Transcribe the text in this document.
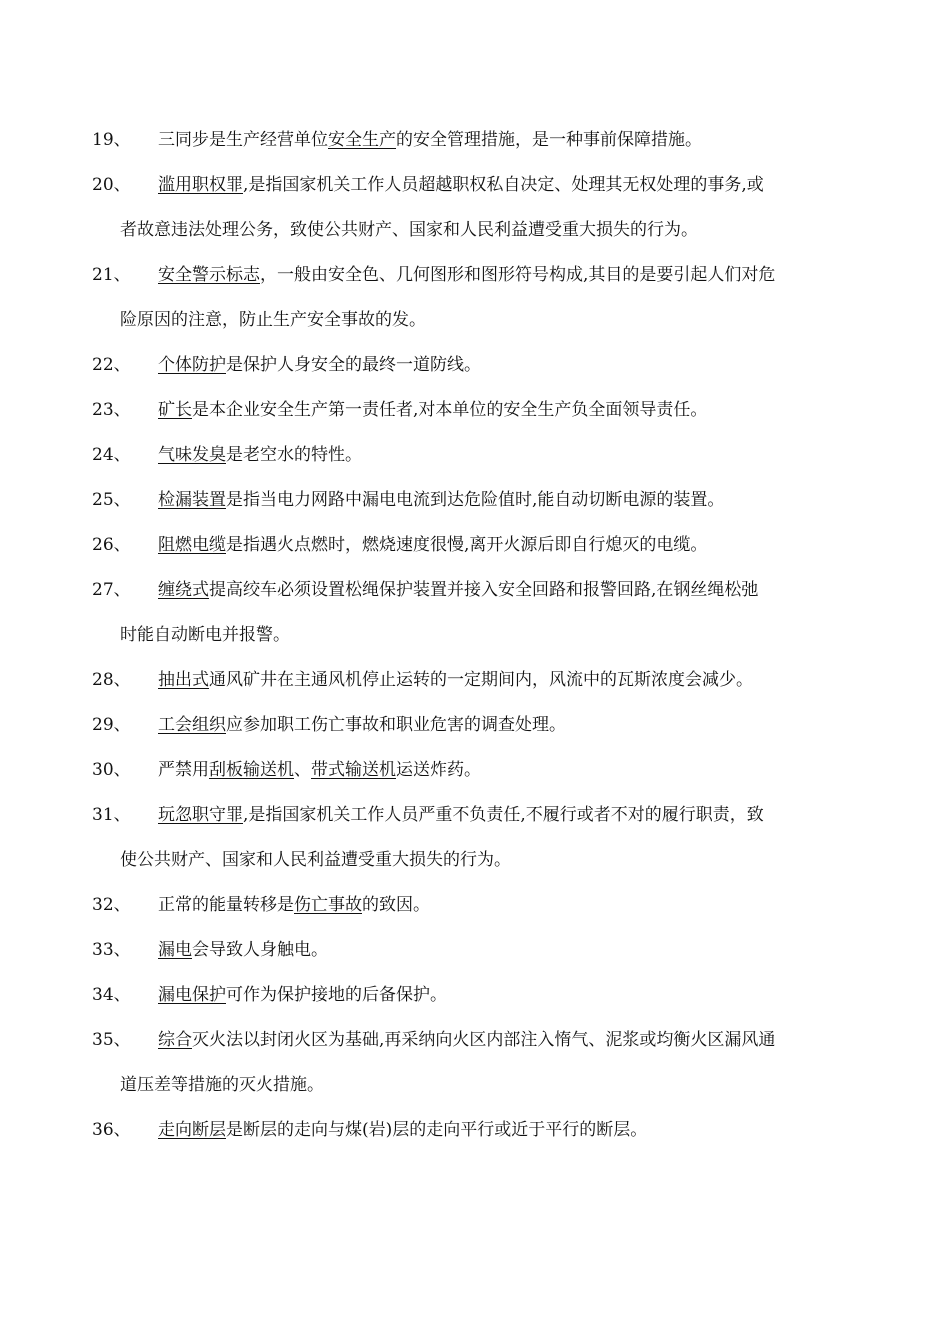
19、	三同步是生产经营单位安全生产的安全管理措施，是一种事前保障措施。
20、	滥用职权罪,是指国家机关工作人员超越职权私自决定、处理其无权处理的事务,或
者故意违法处理公务，致使公共财产、国家和人民利益遭受重大损失的行为。
21、	安全警示标志，一般由安全色、几何图形和图形符号构成,其目的是要引起人们对危
险原因的注意，防止生产安全事故的发。
22、	个体防护是保护人身安全的最终一道防线。
23、	矿长是本企业安全生产第一责任者,对本单位的安全生产负全面领导责任。
24、	气味发臭是老空水的特性。
25、	检漏装置是指当电力网路中漏电电流到达危险值时,能自动切断电源的装置。
26、	阻燃电缆是指遇火点燃时，燃烧速度很慢,离开火源后即自行熄灭的电缆。
27、	缠绕式提高绞车必须设置松绳保护装置并接入安全回路和报警回路,在钢丝绳松弛
时能自动断电并报警。
28、	抽出式通风矿井在主通风机停止运转的一定期间内，风流中的瓦斯浓度会减少。
29、	工会组织应参加职工伤亡事故和职业危害的调查处理。
30、	严禁用刮板输送机、带式输送机运送炸药。
31、	玩忽职守罪,是指国家机关工作人员严重不负责任,不履行或者不对的履行职责，致
使公共财产、国家和人民利益遭受重大损失的行为。
32、	正常的能量转移是伤亡事故的致因。
33、	漏电会导致人身触电。
34、	漏电保护可作为保护接地的后备保护。
35、	综合灭火法以封闭火区为基础,再采纳向火区内部注入惰气、泥浆或均衡火区漏风通
道压差等措施的灭火措施。
36、	走向断层是断层的走向与煤(岩)层的走向平行或近于平行的断层。
